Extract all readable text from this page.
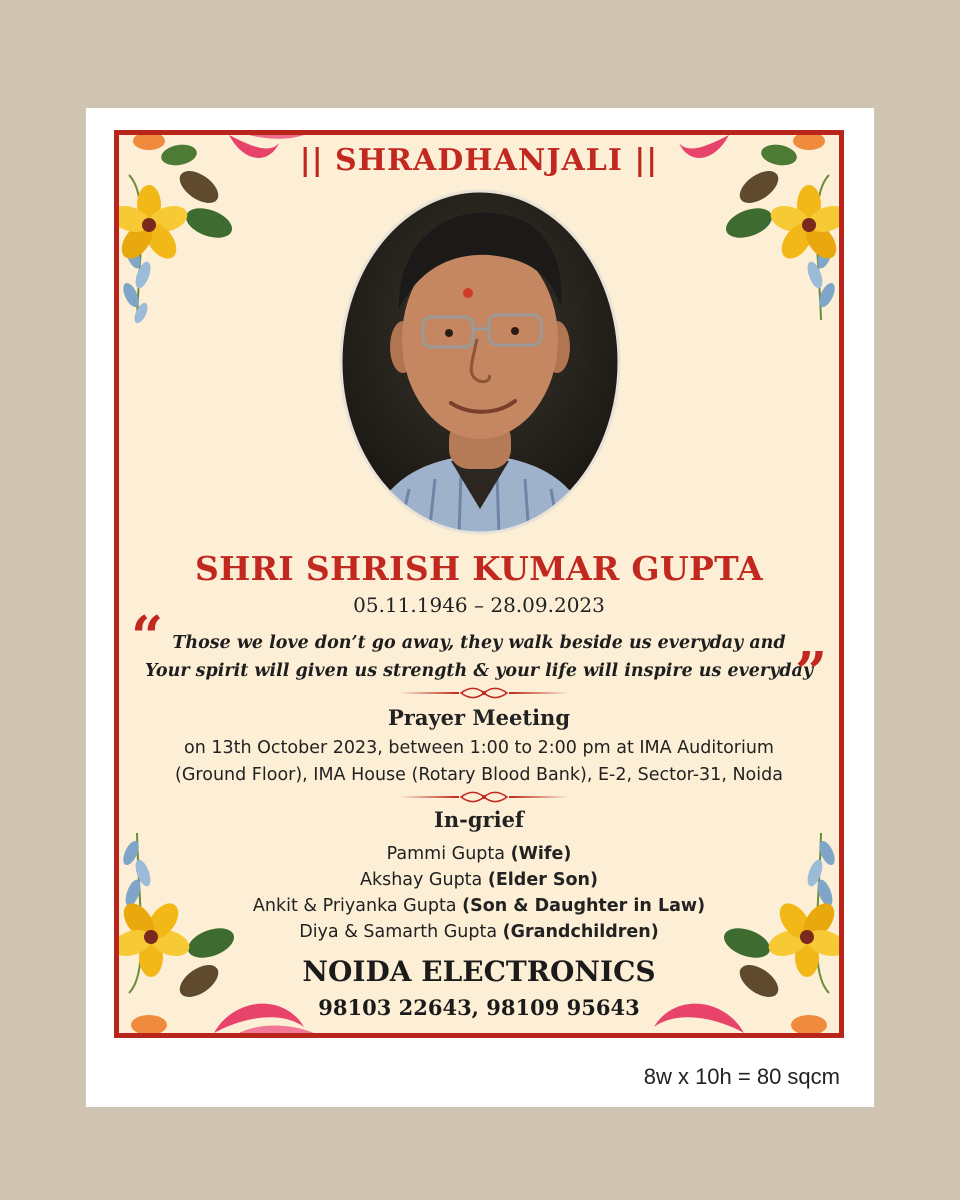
|| SHRADHANJALI ||
SHRI SHRISH KUMAR GUPTA
05.11.1946 – 28.09.2023
“ Those we love don’t go away, they walk beside us everyday and
Your spirit will given us strength & your life will inspire us everyday
”
Prayer Meeting
on 13th October 2023, between 1:00 to 2:00 pm at IMA Auditorium
(Ground Floor), IMA House (Rotary Blood Bank), E-2, Sector-31, Noida
In-grief
Pammi Gupta (Wife)
Akshay Gupta (Elder Son)
Ankit & Priyanka Gupta (Son & Daughter in Law)
Diya & Samarth Gupta (Grandchildren)
NOIDA ELECTRONICS
98103 22643, 98109 95643
8w x 10h = 80 sqcm
